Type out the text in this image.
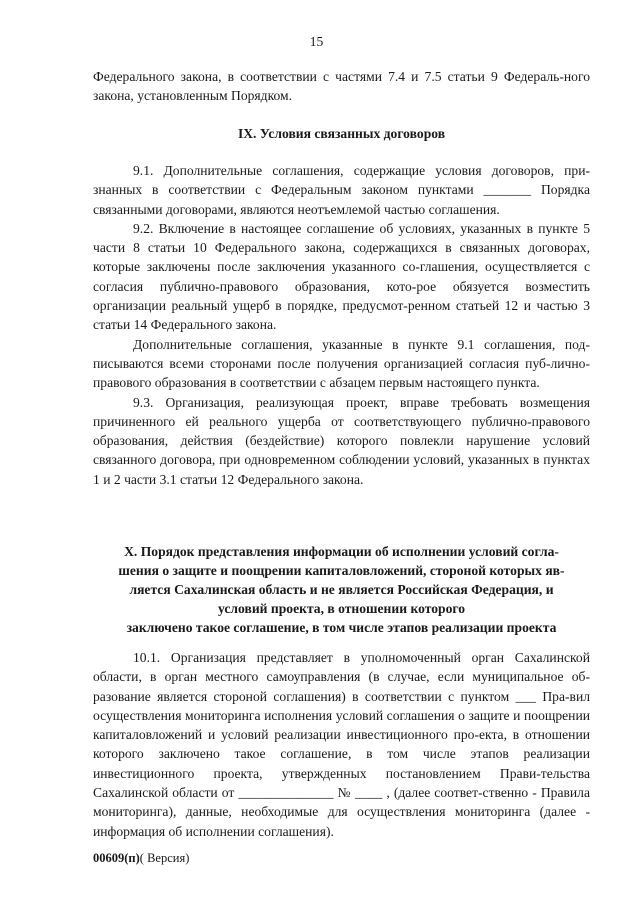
15

Федерального закона, в соответствии с частями 7.4 и 7.5 статьи 9 Федераль-ного закона, установленным Порядком.

IX. Условия связанных договоров

9.1. Дополнительные соглашения, содержащие условия договоров, при-знанных в соответствии с Федеральным законом пунктами _______ Порядка связанными договорами, являются неотъемлемой частью соглашения.

9.2. Включение в настоящее соглашение об условиях, указанных в пункте 5 части 8 статьи 10 Федерального закона, содержащихся в связанных договорах, которые заключены после заключения указанного со-глашения, осуществляется с согласия публично-правового образования, кото-рое обязуется возместить организации реальный ущерб в порядке, предусмот-ренном статьей 12 и частью 3 статьи 14 Федерального закона.

Дополнительные соглашения, указанные в пункте 9.1 соглашения, под-писываются всеми сторонами после получения организацией согласия пуб-лично-правового образования в соответствии с абзацем первым настоящего пункта.

9.3. Организация, реализующая проект, вправе требовать возмещения причиненного ей реального ущерба от соответствующего публично-правового образования, действия (бездействие) которого повлекли нарушение условий связанного договора, при одновременном соблюдении условий, указанных в пунктах 1 и 2 части 3.1 статьи 12 Федерального закона.

X. Порядок представления информации об исполнении условий согла-
шения о защите и поощрении капиталовложений, стороной которых яв-
ляется Сахалинская область и не является Российская Федерация, и
условий проекта, в отношении которого
заключено такое соглашение, в том числе этапов реализации проекта

10.1. Организация представляет в уполномоченный орган Сахалинской области, в орган местного самоуправления (в случае, если муниципальное об-разование является стороной соглашения) в соответствии с пунктом ___ Пра-вил осуществления мониторинга исполнения условий соглашения о защите и поощрении капиталовложений и условий реализации инвестиционного про-екта, в отношении которого заключено такое соглашение, в том числе этапов реализации инвестиционного проекта, утвержденных постановлением Прави-тельства Сахалинской области от ______________ № ____ , (далее соответ-ственно - Правила мониторинга), данные, необходимые для осуществления мониторинга (далее - информация об исполнении соглашения).

00609(п)( Версия)
